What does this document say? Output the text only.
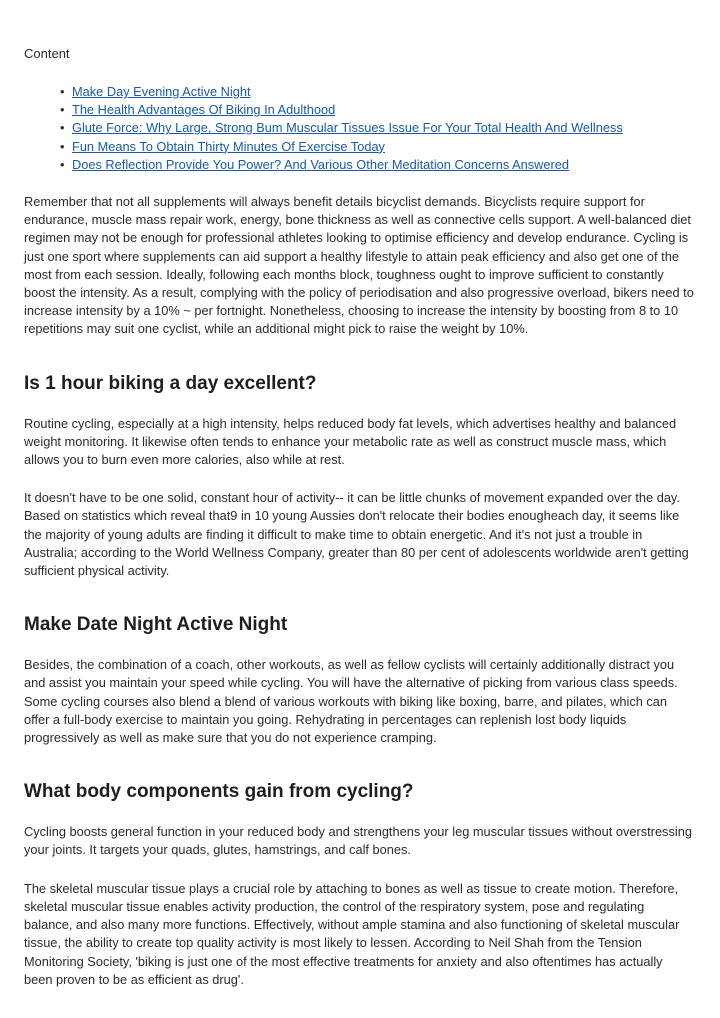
Content
• Make Day Evening Active Night
• The Health Advantages Of Biking In Adulthood
• Glute Force: Why Large, Strong Bum Muscular Tissues Issue For Your Total Health And Wellness
• Fun Means To Obtain Thirty Minutes Of Exercise Today
• Does Reflection Provide You Power? And Various Other Meditation Concerns Answered

Remember that not all supplements will always benefit details bicyclist demands. Bicyclists require support for endurance, muscle mass repair work, energy, bone thickness as well as connective cells support. A well-balanced diet regimen may not be enough for professional athletes looking to optimise efficiency and develop endurance. Cycling is just one sport where supplements can aid support a healthy lifestyle to attain peak efficiency and also get one of the most from each session. Ideally, following each months block, toughness ought to improve sufficient to constantly boost the intensity. As a result, complying with the policy of periodisation and also progressive overload, bikers need to increase intensity by a 10% ~ per fortnight. Nonetheless, choosing to increase the intensity by boosting from 8 to 10 repetitions may suit one cyclist, while an additional might pick to raise the weight by 10%.

Is 1 hour biking a day excellent?

Routine cycling, especially at a high intensity, helps reduced body fat levels, which advertises healthy and balanced weight monitoring. It likewise often tends to enhance your metabolic rate as well as construct muscle mass, which allows you to burn even more calories, also while at rest.

It doesn't have to be one solid, constant hour of activity-- it can be little chunks of movement expanded over the day. Based on statistics which reveal that9 in 10 young Aussies don't relocate their bodies enougheach day, it seems like the majority of young adults are finding it difficult to make time to obtain energetic. And it's not just a trouble in Australia; according to the World Wellness Company, greater than 80 per cent of adolescents worldwide aren't getting sufficient physical activity.

Make Date Night Active Night

Besides, the combination of a coach, other workouts, as well as fellow cyclists will certainly additionally distract you and assist you maintain your speed while cycling. You will have the alternative of picking from various class speeds. Some cycling courses also blend a blend of various workouts with biking like boxing, barre, and pilates, which can offer a full-body exercise to maintain you going. Rehydrating in percentages can replenish lost body liquids progressively as well as make sure that you do not experience cramping.

What body components gain from cycling?

Cycling boosts general function in your reduced body and strengthens your leg muscular tissues without overstressing your joints. It targets your quads, glutes, hamstrings, and calf bones.

The skeletal muscular tissue plays a crucial role by attaching to bones as well as tissue to create motion. Therefore, skeletal muscular tissue enables activity production, the control of the respiratory system, pose and regulating balance, and also many more functions. Effectively, without ample stamina and also functioning of skeletal muscular tissue, the ability to create top quality activity is most likely to lessen. According to Neil Shah from the Tension Monitoring Society, 'biking is just one of the most effective treatments for anxiety and also oftentimes has actually been proven to be as efficient as drug'.
